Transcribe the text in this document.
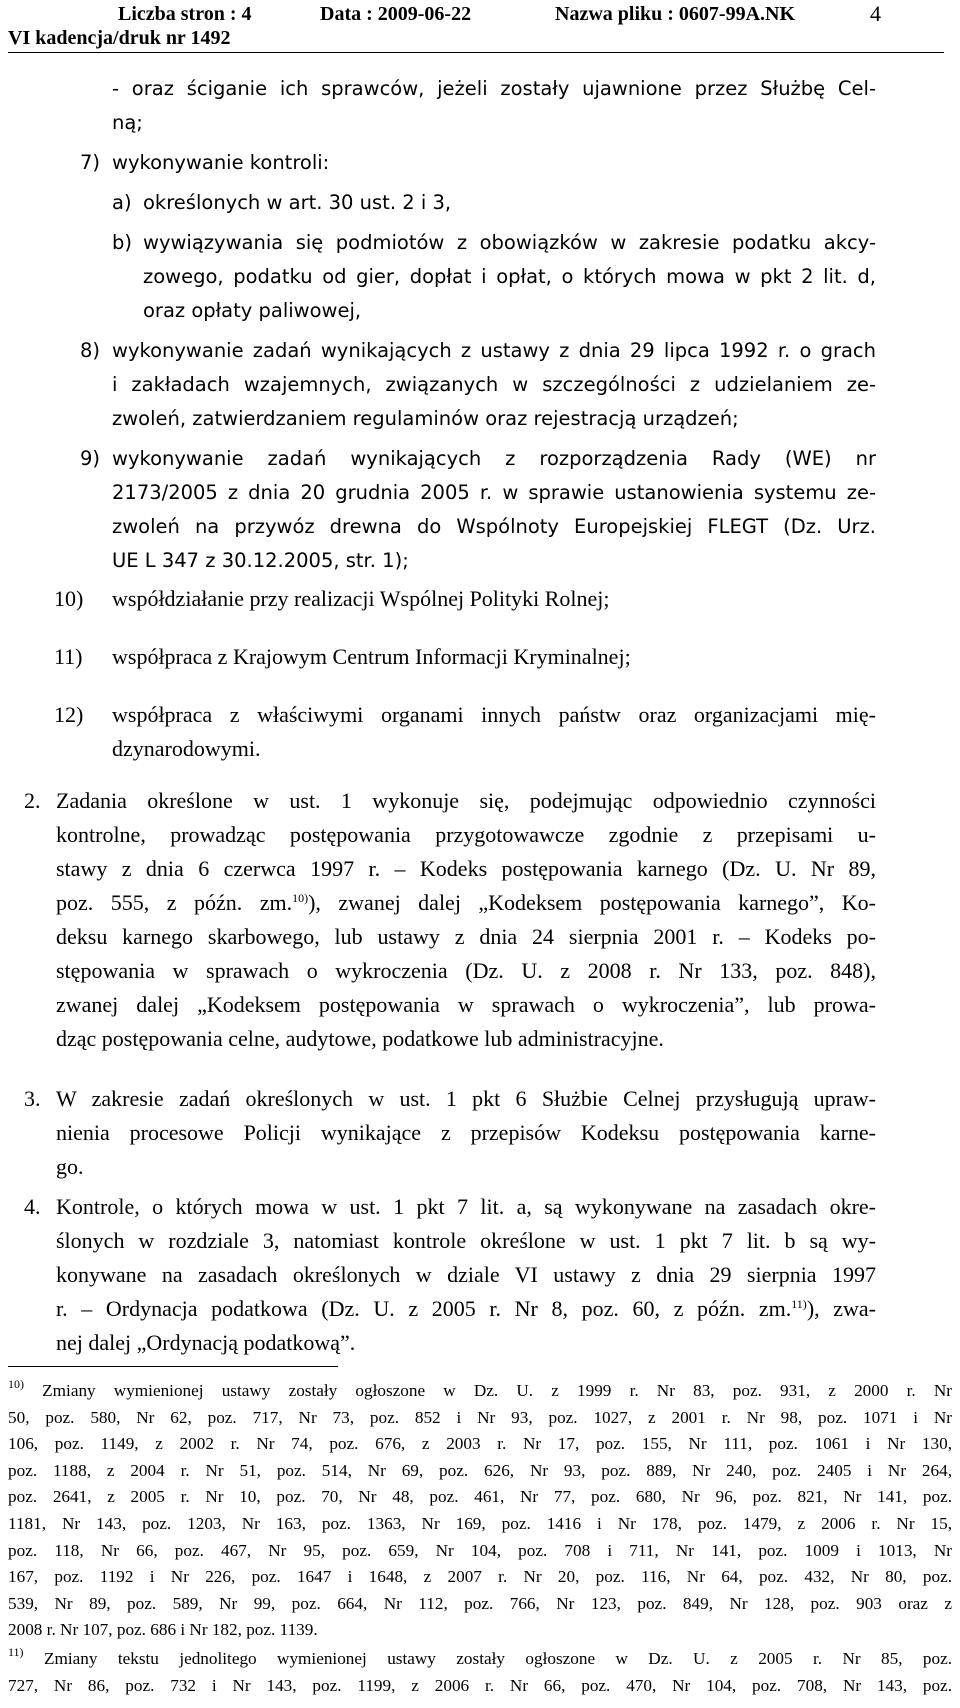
Liczba stron : 4	Data : 2009-06-22	Nazwa pliku : 0607-99A.NK	4
VI kadencja/druk nr 1492
- oraz ściganie ich sprawców, jeżeli zostały ujawnione przez Służbę Cel-
ną;
7) wykonywanie kontroli:
a) określonych w art. 30 ust. 2 i 3,
b) wywiązywania się podmiotów z obowiązków w zakresie podatku akcy-
zowego, podatku od gier, dopłat i opłat, o których mowa w pkt 2 lit. d,
oraz opłaty paliwowej,
8) wykonywanie zadań wynikających z ustawy z dnia 29 lipca 1992 r. o grach
i zakładach wzajemnych, związanych w szczególności z udzielaniem ze-
zwoleń, zatwierdzaniem regulaminów oraz rejestracją urządzeń;
9) wykonywanie zadań wynikających z rozporządzenia Rady (WE) nr
2173/2005 z dnia 20 grudnia 2005 r. w sprawie ustanowienia systemu ze-
zwoleń na przywóz drewna do Wspólnoty Europejskiej FLEGT (Dz. Urz.
UE L 347 z 30.12.2005, str. 1);
10) współdziałanie przy realizacji Wspólnej Polityki Rolnej;
11) współpraca z Krajowym Centrum Informacji Kryminalnej;
12) współpraca z właściwymi organami innych państw oraz organizacjami mię-
dzynarodowymi.
2. Zadania określone w ust. 1 wykonuje się, podejmując odpowiednio czynności
kontrolne, prowadząc postępowania przygotowawcze zgodnie z przepisami u-
stawy z dnia 6 czerwca 1997 r. – Kodeks postępowania karnego (Dz. U. Nr 89,
poz. 555, z późn. zm.$^{10)}$), zwanej dalej „Kodeksem postępowania karnego”, Ko-
deksu karnego skarbowego, lub ustawy z dnia 24 sierpnia 2001 r. – Kodeks po-
stępowania w sprawach o wykroczenia (Dz. U. z 2008 r. Nr 133, poz. 848),
zwanej dalej „Kodeksem postępowania w sprawach o wykroczenia”, lub prowa-
dząc postępowania celne, audytowe, podatkowe lub administracyjne.
3. W zakresie zadań określonych w ust. 1 pkt 6 Służbie Celnej przysługują upraw-
nienia procesowe Policji wynikające z przepisów Kodeksu postępowania karne-
go.
4. Kontrole, o których mowa w ust. 1 pkt 7 lit. a, są wykonywane na zasadach okre-
ślonych w rozdziale 3, natomiast kontrole określone w ust. 1 pkt 7 lit. b są wy-
konywane na zasadach określonych w dziale VI ustawy z dnia 29 sierpnia 1997
r. – Ordynacja podatkowa (Dz. U. z 2005 r. Nr 8, poz. 60, z późn. zm.$^{11)}$), zwa-
nej dalej „Ordynacją podatkową”.
$^{10)}$ Zmiany wymienionej ustawy zostały ogłoszone w Dz. U. z 1999 r. Nr 83, poz. 931, z 2000 r. Nr
50, poz. 580, Nr 62, poz. 717, Nr 73, poz. 852 i Nr 93, poz. 1027, z 2001 r. Nr 98, poz. 1071 i Nr
106, poz. 1149, z 2002 r. Nr 74, poz. 676, z 2003 r. Nr 17, poz. 155, Nr 111, poz. 1061 i Nr 130,
poz. 1188, z 2004 r. Nr 51, poz. 514, Nr 69, poz. 626, Nr 93, poz. 889, Nr 240, poz. 2405 i Nr 264,
poz. 2641, z 2005 r. Nr 10, poz. 70, Nr 48, poz. 461, Nr 77, poz. 680, Nr 96, poz. 821, Nr 141, poz.
1181, Nr 143, poz. 1203, Nr 163, poz. 1363, Nr 169, poz. 1416 i Nr 178, poz. 1479, z 2006 r. Nr 15,
poz. 118, Nr 66, poz. 467, Nr 95, poz. 659, Nr 104, poz. 708 i 711, Nr 141, poz. 1009 i 1013, Nr
167, poz. 1192 i Nr 226, poz. 1647 i 1648, z 2007 r. Nr 20, poz. 116, Nr 64, poz. 432, Nr 80, poz.
539, Nr 89, poz. 589, Nr 99, poz. 664, Nr 112, poz. 766, Nr 123, poz. 849, Nr 128, poz. 903 oraz z
2008 r. Nr 107, poz. 686 i Nr 182, poz. 1139.
$^{11)}$ Zmiany tekstu jednolitego wymienionej ustawy zostały ogłoszone w Dz. U. z 2005 r. Nr 85, poz.
727, Nr 86, poz. 732 i Nr 143, poz. 1199, z 2006 r. Nr 66, poz. 470, Nr 104, poz. 708, Nr 143, poz.
